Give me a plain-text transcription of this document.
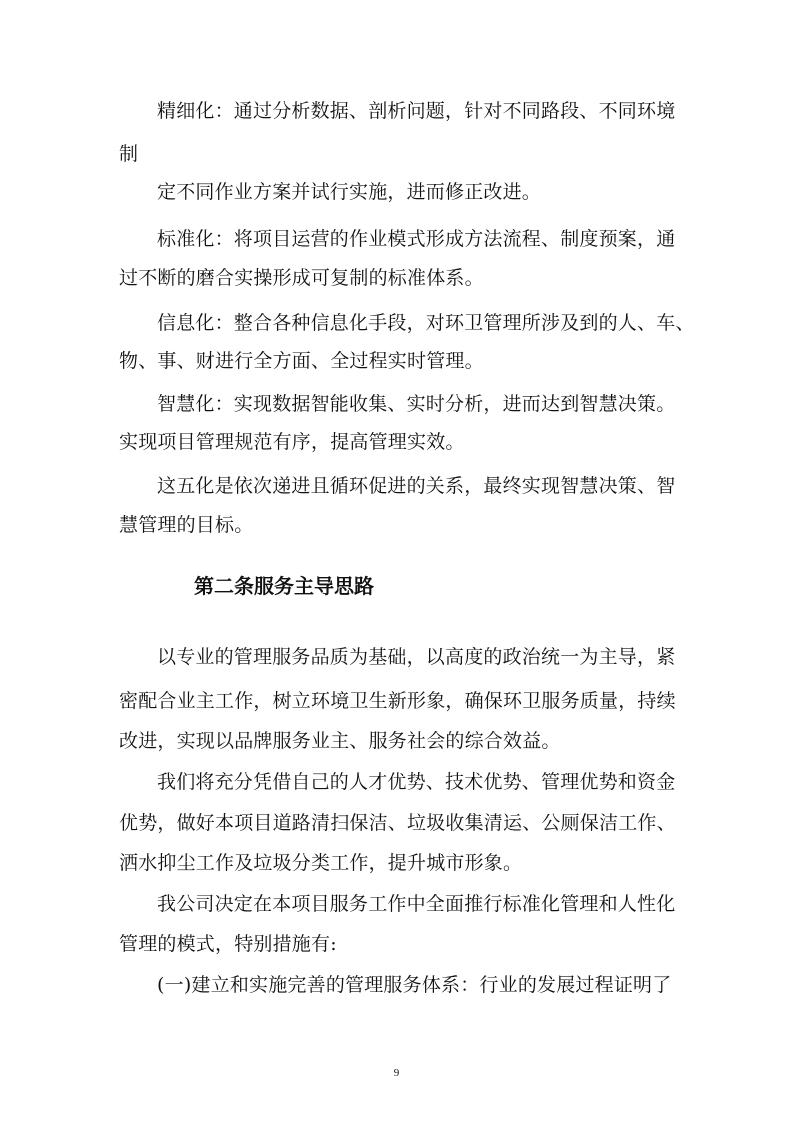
精细化：通过分析数据、剖析问题，针对不同路段、不同环境
制
定不同作业方案并试行实施，进而修正改进。
标准化：将项目运营的作业模式形成方法流程、制度预案，通
过不断的磨合实操形成可复制的标准体系。
信息化：整合各种信息化手段，对环卫管理所涉及到的人、车、
物、事、财进行全方面、全过程实时管理。
智慧化：实现数据智能收集、实时分析，进而达到智慧决策。
实现项目管理规范有序，提高管理实效。
这五化是依次递进且循环促进的关系，最终实现智慧决策、智
慧管理的目标。
第二条服务主导思路
以专业的管理服务品质为基础，以高度的政治统一为主导，紧
密配合业主工作，树立环境卫生新形象，确保环卫服务质量，持续
改进，实现以品牌服务业主、服务社会的综合效益。
我们将充分凭借自己的人才优势、技术优势、管理优势和资金
优势，做好本项目道路清扫保洁、垃圾收集清运、公厕保洁工作、
洒水抑尘工作及垃圾分类工作，提升城市形象。
我公司决定在本项目服务工作中全面推行标准化管理和人性化
管理的模式，特别措施有:
(一)建立和实施完善的管理服务体系：行业的发展过程证明了
9
